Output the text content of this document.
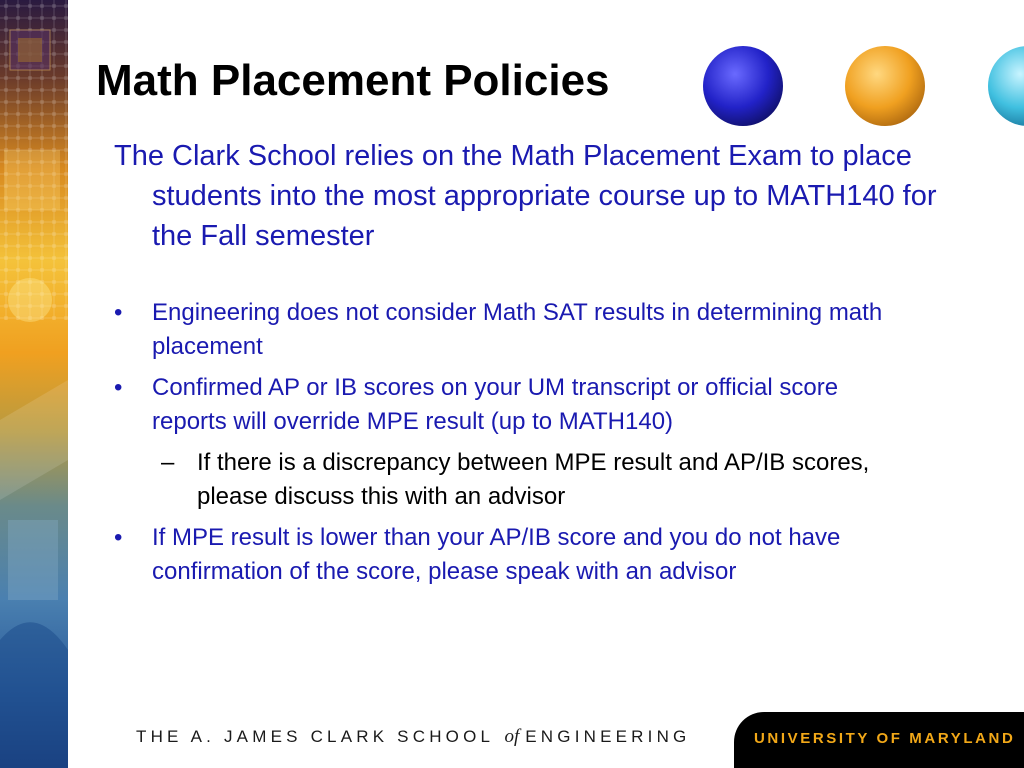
Math Placement Policies
The Clark School relies on the Math Placement Exam to place students into the most appropriate course up to MATH140 for the Fall semester
•	Engineering does not consider Math SAT results in determining math placement
•	Confirmed AP or IB scores on your UM transcript or official score reports will override MPE result (up to MATH140)
– If there is a discrepancy between MPE result and AP/IB scores, please discuss this with an advisor
•	If MPE result is lower than your AP/IB score and you do not have confirmation of the score, please speak with an advisor
THE A. JAMES CLARK SCHOOL of ENGINEERING	UNIVERSITY OF MARYLAND
